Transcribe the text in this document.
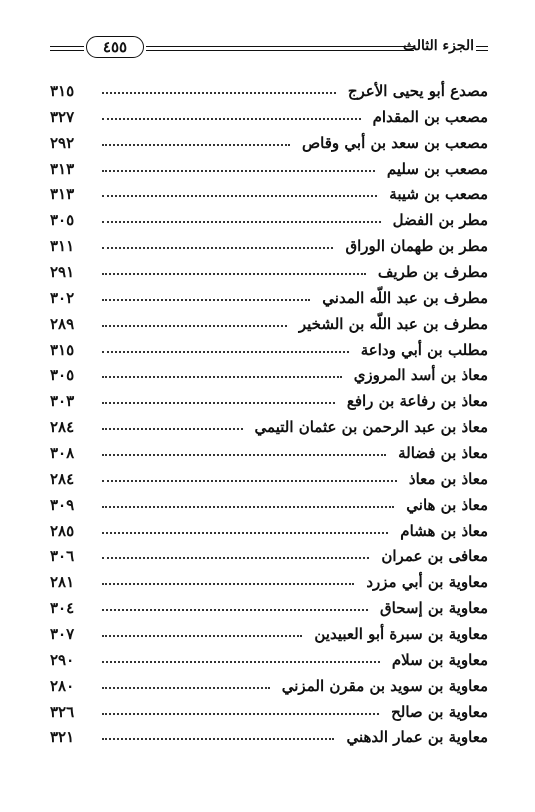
٤٥٥	الجزء الثالث
مصدع أبو يحيى الأعرج
٣١٥
مصعب بن المقدام
٣٢٧
مصعب بن سعد بن أبي وقاص
٢٩٢
مصعب بن سليم
٣١٣
مصعب بن شيبة
٣١٣
مطر بن الفضل
٣٠٥
مطر بن طهمان الوراق
٣١١
مطرف بن طريف
٢٩١
مطرف بن عبد اللّه المدني
٣٠٢
مطرف بن عبد اللّه بن الشخير
٢٨٩
مطلب بن أبي وداعة
٣١٥
معاذ بن أسد المروزي
٣٠٥
معاذ بن رفاعة بن رافع
٣٠٣
معاذ بن عبد الرحمن بن عثمان التيمي
٢٨٤
معاذ بن فضالة
٣٠٨
معاذ بن معاذ
٢٨٤
معاذ بن هاني
٣٠٩
معاذ بن هشام
٢٨٥
معافى بن عمران
٣٠٦
معاوية بن أبي مزرد
٢٨١
معاوية بن إسحاق
٣٠٤
معاوية بن سبرة أبو العبيدين
٣٠٧
معاوية بن سلام
٢٩٠
معاوية بن سويد بن مقرن المزني
٢٨٠
معاوية بن صالح
٣٢٦
معاوية بن عمار الدهني
٣٢١
